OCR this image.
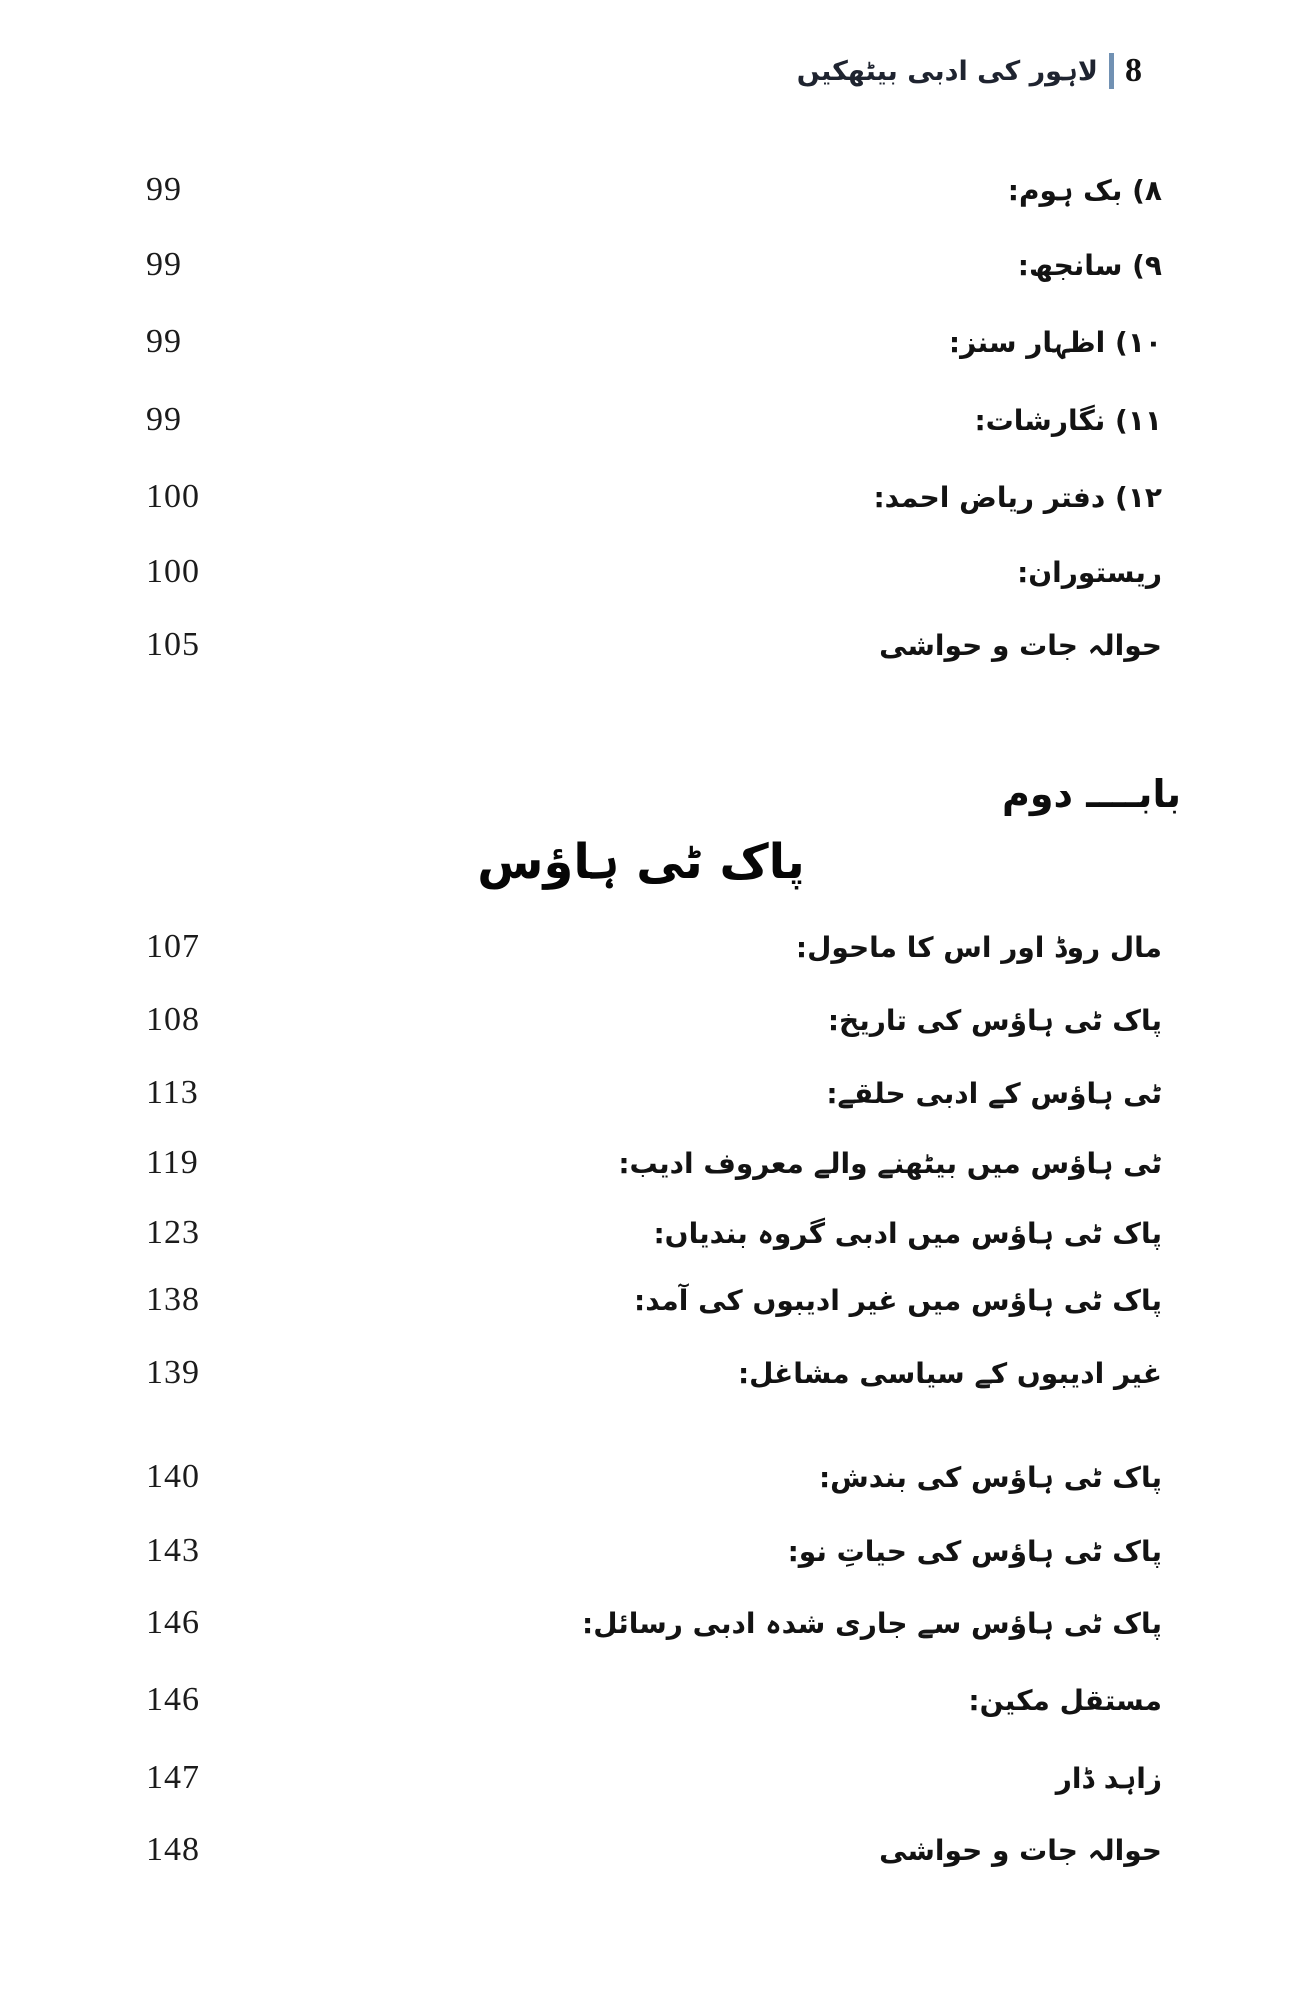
لاہور کی ادبی بیٹھکیں 8
99	۸) بک ہوم:
99	۹) سانجھ:
99	۱۰) اظہار سنز:
99	۱۱) نگارشات:
100	۱۲) دفتر ریاض احمد:
100	ریستوران:
105	حوالہ جات و حواشی
بابــــ دوم
پاک ٹی ہاؤس
107	مال روڈ اور اس کا ماحول:
108	پاک ٹی ہاؤس کی تاریخ:
113	ٹی ہاؤس کے ادبی حلقے:
119	ٹی ہاؤس میں بیٹھنے والے معروف ادیب:
123	پاک ٹی ہاؤس میں ادبی گروہ بندیاں:
138	پاک ٹی ہاؤس میں غیر ادیبوں کی آمد:
139	غیر ادیبوں کے سیاسی مشاغل:
140	پاک ٹی ہاؤس کی بندش:
143	پاک ٹی ہاؤس کی حیاتِ نو:
146	پاک ٹی ہاؤس سے جاری شدہ ادبی رسائل:
146	مستقل مکین:
147	زاہد ڈار
148	حوالہ جات و حواشی
